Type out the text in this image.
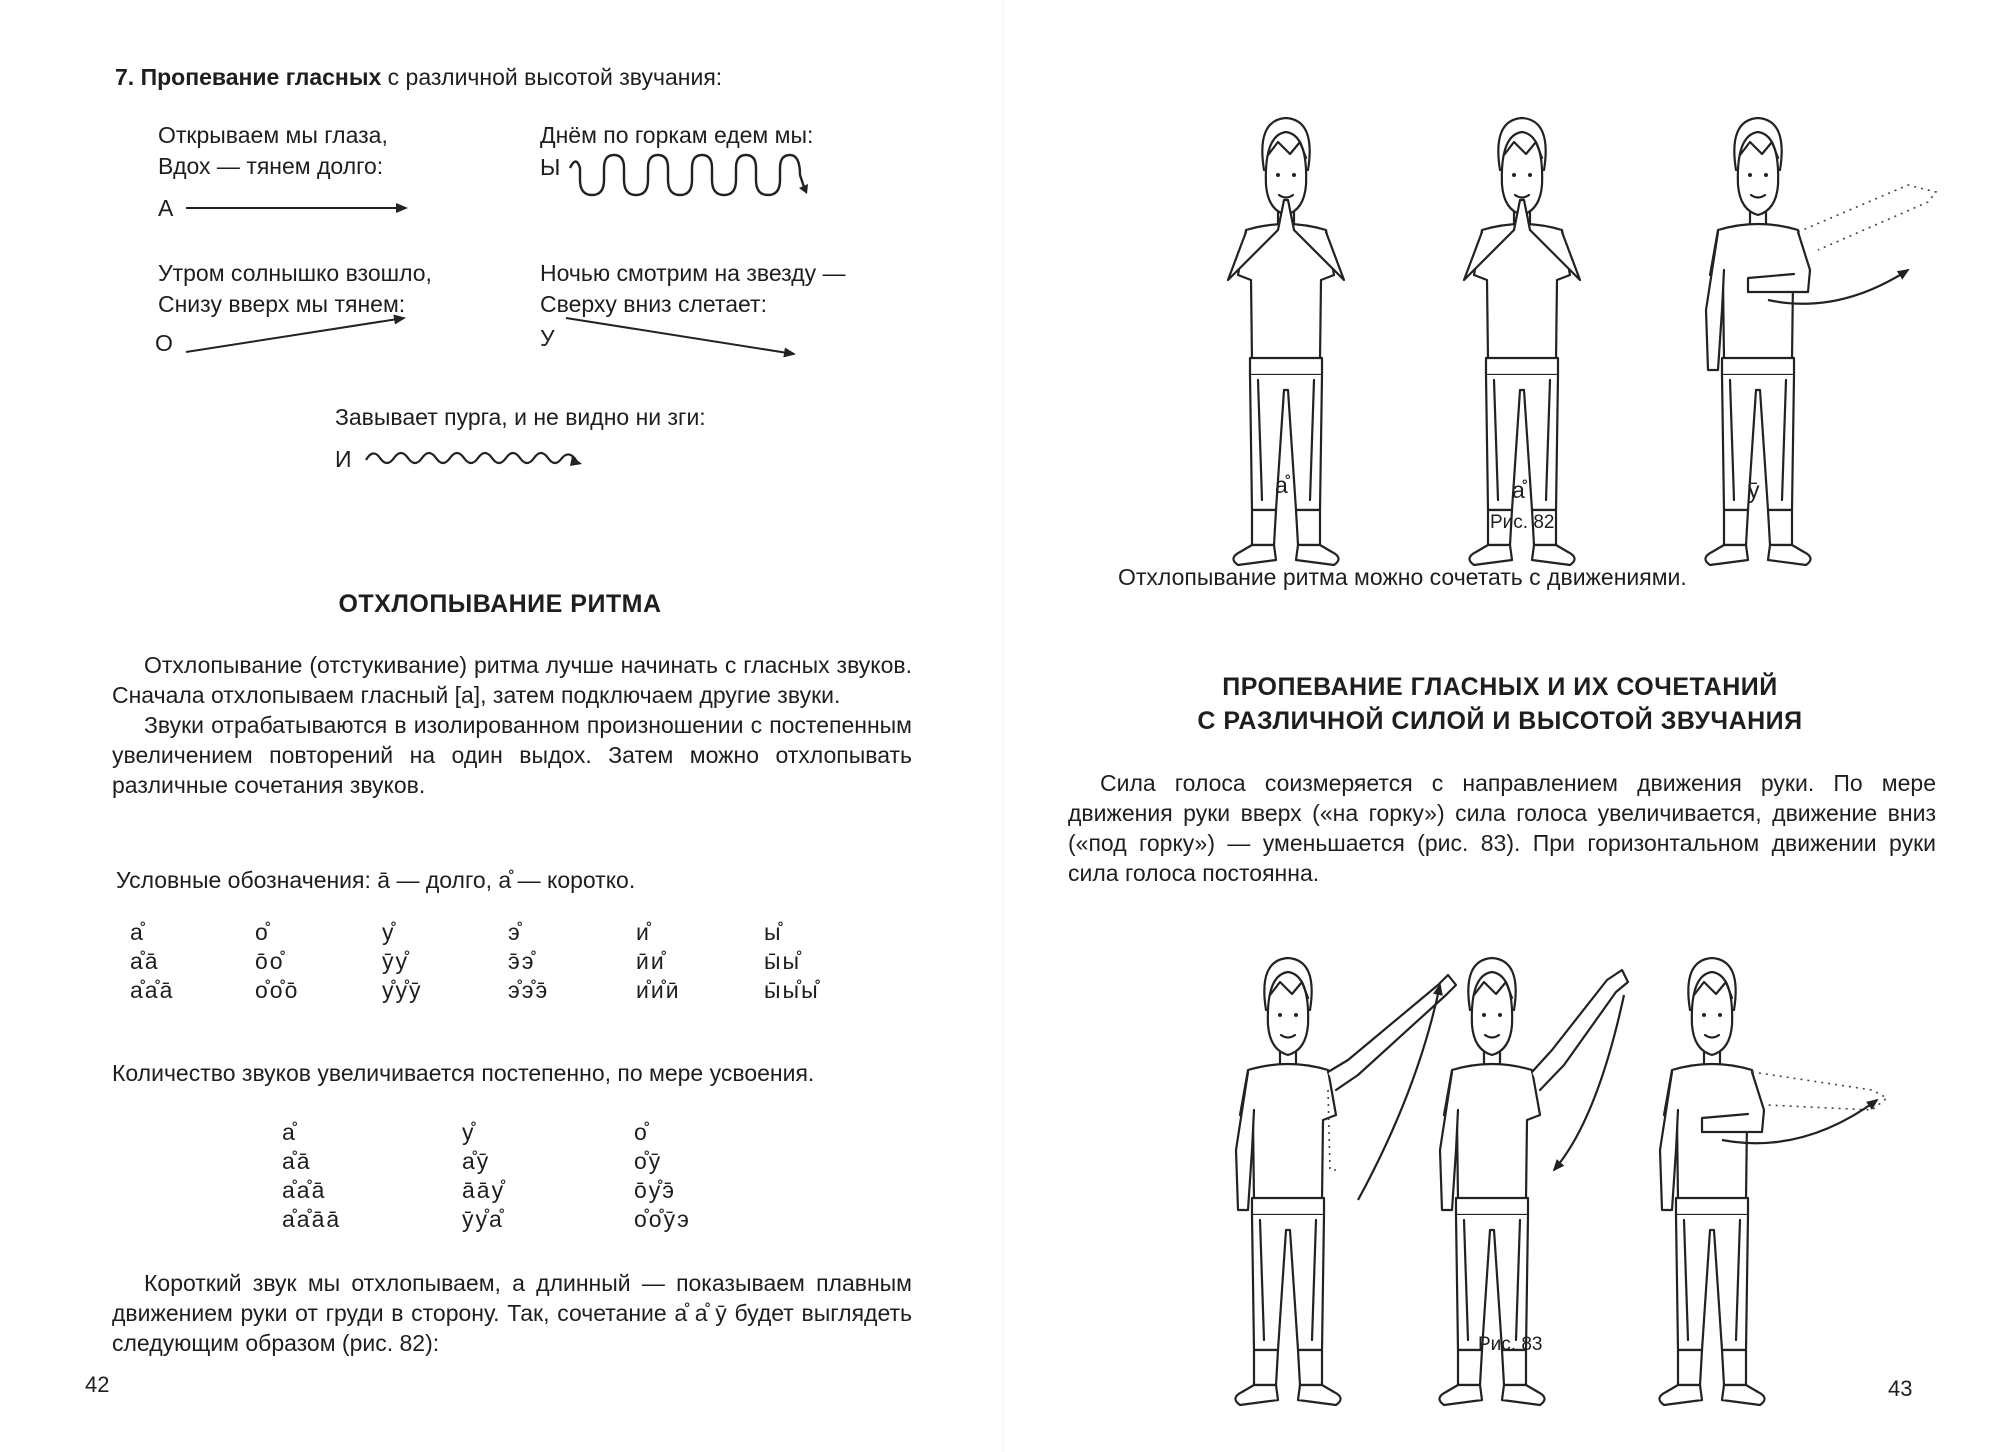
7. Пропевание гласных с различной высотой звучания:
Открываем мы глаза,
Вдох — тянем долго:
А
Днём по горкам едем мы:
Ы
Утром солнышко взошло,
Снизу вверх мы тянем:
О
Ночью смотрим на звезду —
Сверху вниз слетает:
У
Завывает пурга, и не видно ни зги:
И
ОТХЛОПЫВАНИЕ РИТМА

Отхлопывание (отстукивание) ритма лучше начинать с гласных звуков. Сначала отхлопываем гласный [а], затем подключаем другие звуки.

Звуки отрабатываются в изолированном произношении с постепенным увеличением повторений на один выдох. Затем можно отхлопывать различные сочетания звуков.

Условные обозначения: а̄ — долго, а̊ — коротко.
а̊
а̊а̄
а̊а̊а̄
о̊
о̄о̊
о̊о̊о̄
у̊
ӯу̊
у̊у̊ӯ
э̊
э̄э̊
э̊э̊э̄
и̊
ӣи̊
и̊и̊ӣ
ы̊
ы̄ы̊
ы̄ы̊ы̊
Количество звуков увеличивается постепенно, по мере усвоения.
а̊
а̊а̄
а̊а̊а̄
а̊а̊а̄а̄
у̊
а̊ӯ
а̄а̄у̊
ӯу̊а̊
о̊
о̊ӯ
о̄у̊э̄
о̊о̊ӯэ

Короткий звук мы отхлопываем, а длинный — показываем плавным движением руки от груди в сторону. Так, сочетание а̊ а̊ ӯ будет выглядеть следующим образом (рис. 82):

42
а̊	а̊	ӯ
Рис. 82
Отхлопывание ритма можно сочетать с движениями.
ПРОПЕВАНИЕ ГЛАСНЫХ И ИХ СОЧЕТАНИЙ
С РАЗЛИЧНОЙ СИЛОЙ И ВЫСОТОЙ ЗВУЧАНИЯ

Сила голоса соизмеряется с направлением движения руки. По мере движения руки вверх («на горку») сила голоса увеличивается, движение вниз («под горку») — уменьшается (рис. 83). При горизонтальном движении руки сила голоса постоянна.

Рис. 83
43
